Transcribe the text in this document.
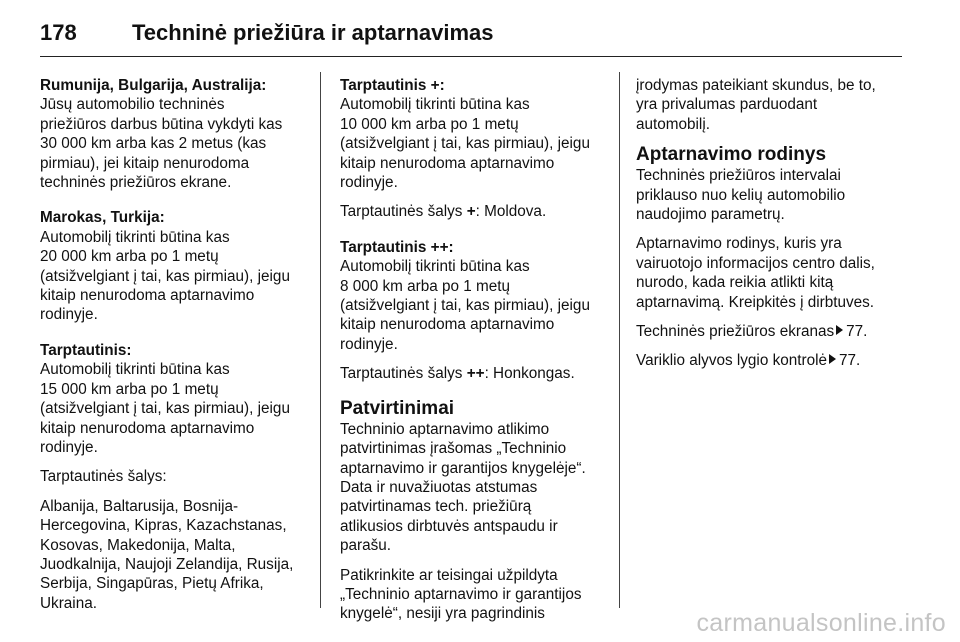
178	Techninė priežiūra ir aptarnavimas
Rumunija, Bulgarija, Australija:
Jūsų automobilio techninės
priežiūros darbus būtina vykdyti kas
30 000 km arba kas 2 metus (kas
pirmiau), jei kitaip nenurodoma
techninės priežiūros ekrane.
Marokas, Turkija:
Automobilį tikrinti būtina kas
20 000 km arba po 1 metų
(atsižvelgiant į tai, kas pirmiau), jeigu
kitaip nenurodoma aptarnavimo
rodinyje.
Tarptautinis:
Automobilį tikrinti būtina kas
15 000 km arba po 1 metų
(atsižvelgiant į tai, kas pirmiau), jeigu
kitaip nenurodoma aptarnavimo
rodinyje.
Tarptautinės šalys:
Albanija, Baltarusija, Bosnija-
Hercegovina, Kipras, Kazachstanas,
Kosovas, Makedonija, Malta,
Juodkalnija, Naujoji Zelandija, Rusija,
Serbija, Singapūras, Pietų Afrika,
Ukraina.
Tarptautinis +:
Automobilį tikrinti būtina kas
10 000 km arba po 1 metų
(atsižvelgiant į tai, kas pirmiau), jeigu
kitaip nenurodoma aptarnavimo
rodinyje.
Tarptautinės šalys +: Moldova.
Tarptautinis ++:
Automobilį tikrinti būtina kas
8 000 km arba po 1 metų
(atsižvelgiant į tai, kas pirmiau), jeigu
kitaip nenurodoma aptarnavimo
rodinyje.
Tarptautinės šalys ++: Honkongas.
Patvirtinimai
Techninio aptarnavimo atlikimo
patvirtinimas įrašomas „Techninio
aptarnavimo ir garantijos knygelėje“.
Data ir nuvažiuotas atstumas
patvirtinamas tech. priežiūrą
atlikusios dirbtuvės antspaudu ir
parašu.
Patikrinkite ar teisingai užpildyta
„Techninio aptarnavimo ir garantijos
knygelė“, nesiji yra pagrindinis
įrodymas pateikiant skundus, be to,
yra privalumas parduodant
automobilį.
Aptarnavimo rodinys
Techninės priežiūros intervalai
priklauso nuo kelių automobilio
naudojimo parametrų.
Aptarnavimo rodinys, kuris yra
vairuotojo informacijos centro dalis,
nurodo, kada reikia atlikti kitą
aptarnavimą. Kreipkitės į dirbtuves.
Techninės priežiūros ekranas 77.
Variklio alyvos lygio kontrolė 77.
carmanualsonline.info
